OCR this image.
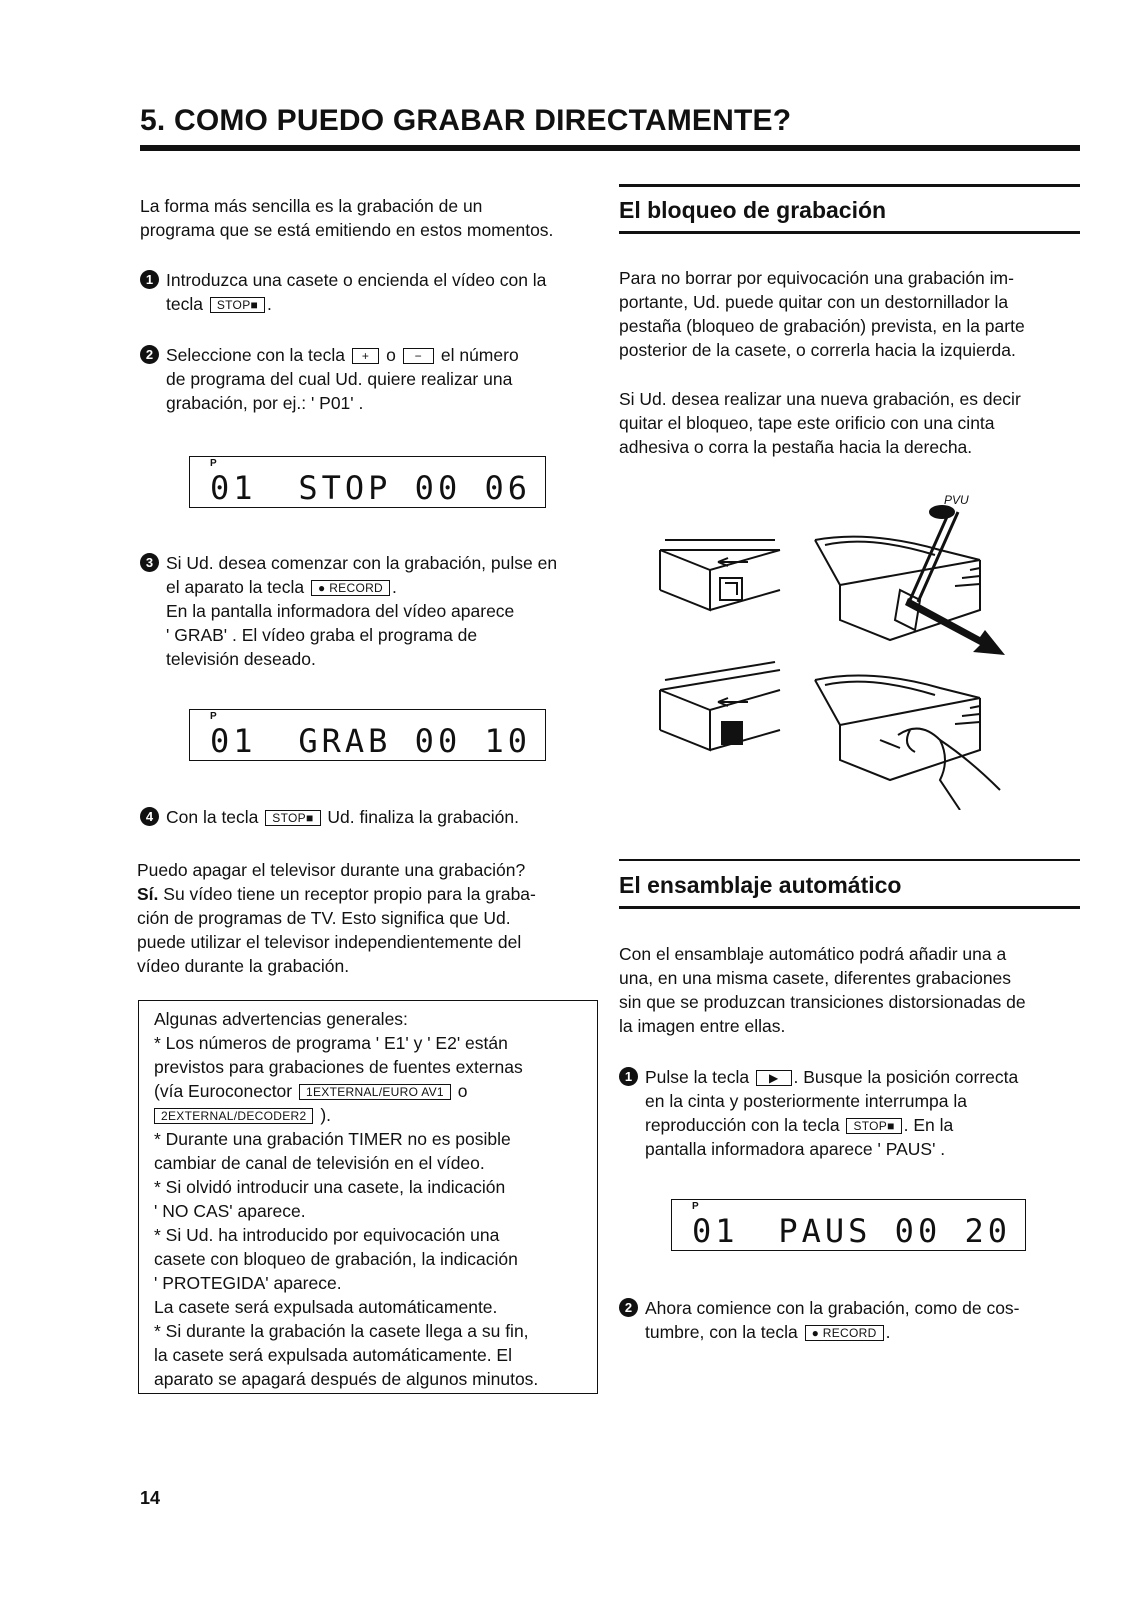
5. COMO PUEDO GRABAR DIRECTAMENTE?
La forma más sencilla es la grabación de un
programa que se está emitiendo en estos momentos.
1 Introduzca una casete o encienda el vídeo con la
tecla STOP■ .
2 Seleccione con la tecla + o − el número
de programa del cual Ud. quiere realizar una
grabación, por ej.: ' P01' .
P
01 STOP 00 06
3 Si Ud. desea comenzar con la grabación, pulse en
el aparato la tecla ● RECORD .
En la pantalla informadora del vídeo aparece
' GRAB' . El vídeo graba el programa de
televisión deseado.
P
01 GRAB 00 10
4 Con la tecla STOP■ Ud. finaliza la grabación.
Puedo apagar el televisor durante una grabación?
Sí. Su vídeo tiene un receptor propio para la graba-
ción de programas de TV. Esto significa que Ud.
puede utilizar el televisor independientemente del
vídeo durante la grabación.
Algunas advertencias generales:
* Los números de programa ' E1' y ' E2' están
previstos para grabaciones de fuentes externas
(vía Euroconector 1EXTERNAL/EURO AV1 o
2EXTERNAL/DECODER2 ).
* Durante una grabación TIMER no es posible
cambiar de canal de televisión en el vídeo.
* Si olvidó introducir una casete, la indicación
' NO CAS' aparece.
* Si Ud. ha introducido por equivocación una
casete con bloqueo de grabación, la indicación
' PROTEGIDA' aparece.
La casete será expulsada automáticamente.
* Si durante la grabación la casete llega a su fin,
la casete será expulsada automáticamente. El
aparato se apagará después de algunos minutos.
El bloqueo de grabación
Para no borrar por equivocación una grabación im-
portante, Ud. puede quitar con un destornillador la
pestaña (bloqueo de grabación) prevista, en la parte
posterior de la casete, o correrla hacia la izquierda.
Si Ud. desea realizar una nueva grabación, es decir
quitar el bloqueo, tape este orificio con una cinta
adhesiva o corra la pestaña hacia la derecha.
PVU
El ensamblaje automático
Con el ensamblaje automático podrá añadir una a
una, en una misma casete, diferentes grabaciones
sin que se produzcan transiciones distorsionadas de
la imagen entre ellas.
1 Pulse la tecla ▶ . Busque la posición correcta
en la cinta y posteriormente interrumpa la
reproducción con la tecla STOP■ . En la
pantalla informadora aparece ' PAUS' .
P
01 PAUS 00 20
2 Ahora comience con la grabación, como de cos-
tumbre, con la tecla ● RECORD .
14
